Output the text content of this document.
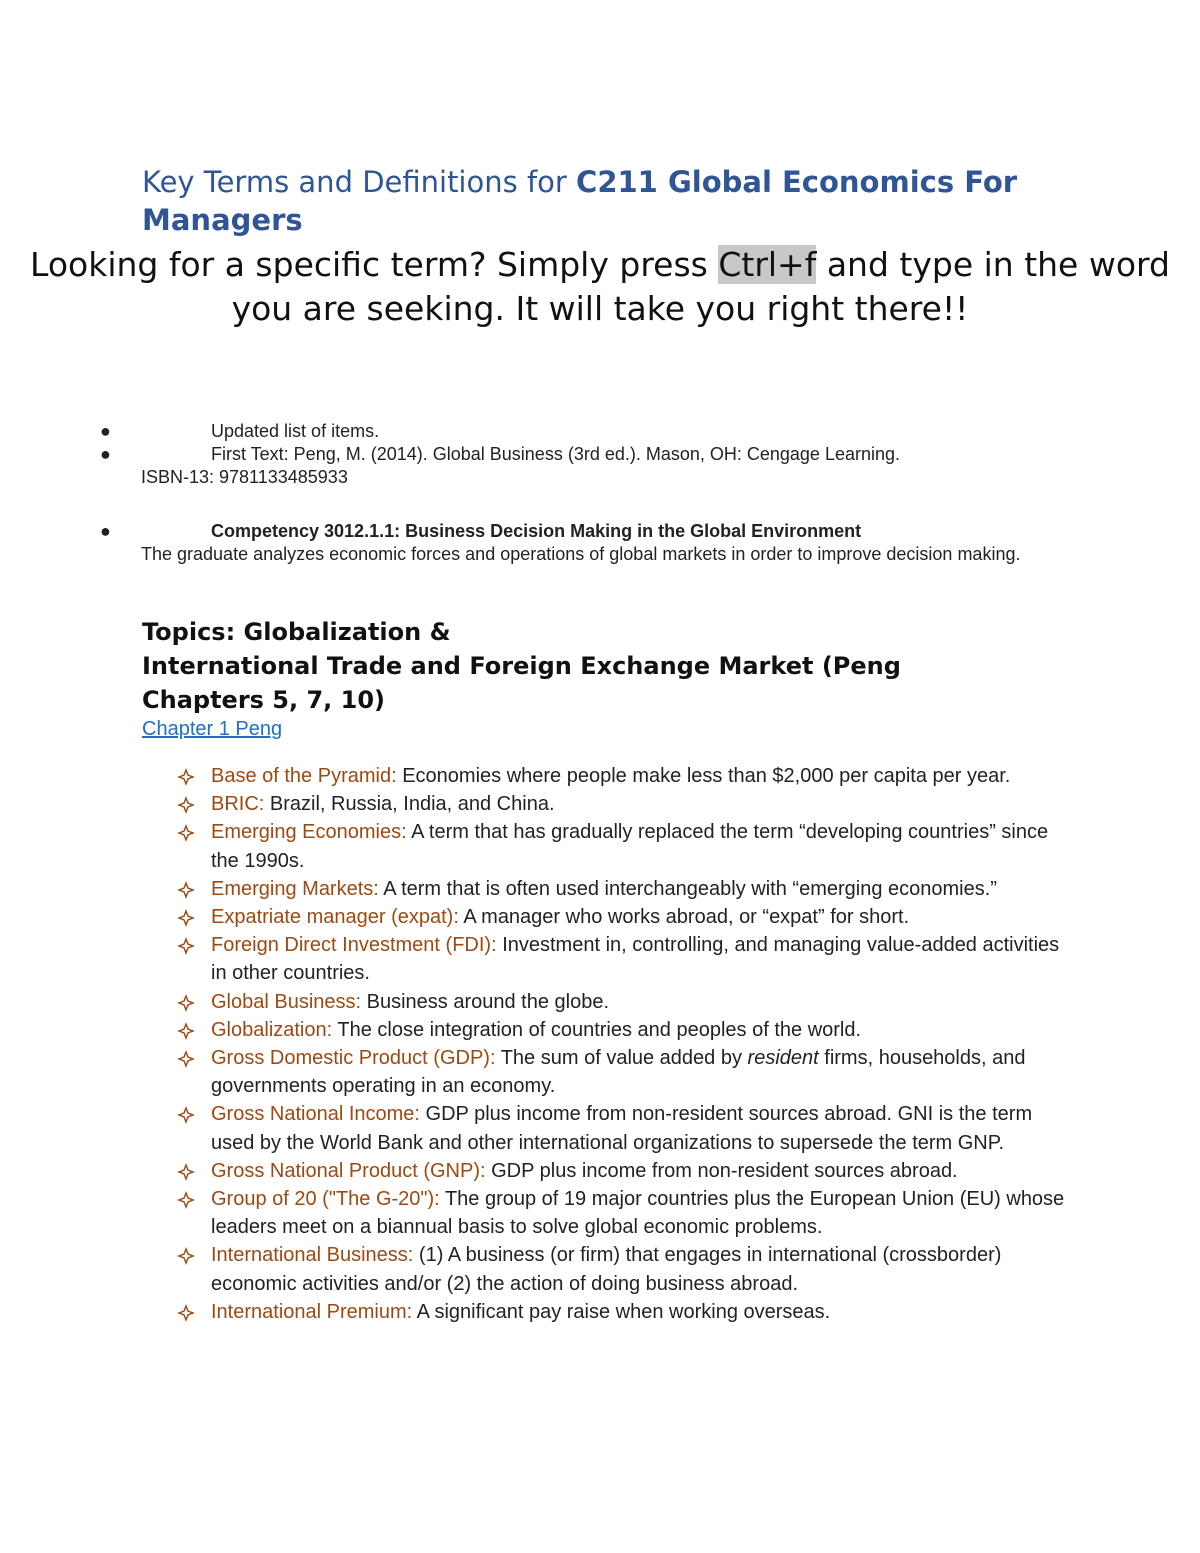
Key Terms and Definitions for C211 Global Economics For Managers
Looking for a specific term? Simply press Ctrl+f and type in the word you are seeking. It will take you right there!!
●	Updated list of items.
●	First Text: Peng, M. (2014). Global Business (3rd ed.). Mason, OH: Cengage Learning.
ISBN-13: 9781133485933
●	Competency 3012.1.1: Business Decision Making in the Global Environment
The graduate analyzes economic forces and operations of global markets in order to improve decision making.
Topics: Globalization &
International Trade and Foreign Exchange Market (Peng Chapters 5, 7, 10)
Chapter 1 Peng
Base of the Pyramid: Economies where people make less than $2,000 per capita per year.
BRIC: Brazil, Russia, India, and China.
Emerging Economies: A term that has gradually replaced the term “developing countries” since the 1990s.
Emerging Markets: A term that is often used interchangeably with “emerging economies.”
Expatriate manager (expat): A manager who works abroad, or “expat” for short.
Foreign Direct Investment (FDI): Investment in, controlling, and managing value-added activities in other countries.
Global Business: Business around the globe.
Globalization: The close integration of countries and peoples of the world.
Gross Domestic Product (GDP): The sum of value added by resident firms, households, and governments operating in an economy.
Gross National Income: GDP plus income from non-resident sources abroad. GNI is the term used by the World Bank and other international organizations to supersede the term GNP.
Gross National Product (GNP): GDP plus income from non-resident sources abroad.
Group of 20 ("The G-20"): The group of 19 major countries plus the European Union (EU) whose leaders meet on a biannual basis to solve global economic problems.
International Business: (1) A business (or firm) that engages in international (crossborder) economic activities and/or (2) the action of doing business abroad.
International Premium: A significant pay raise when working overseas.
